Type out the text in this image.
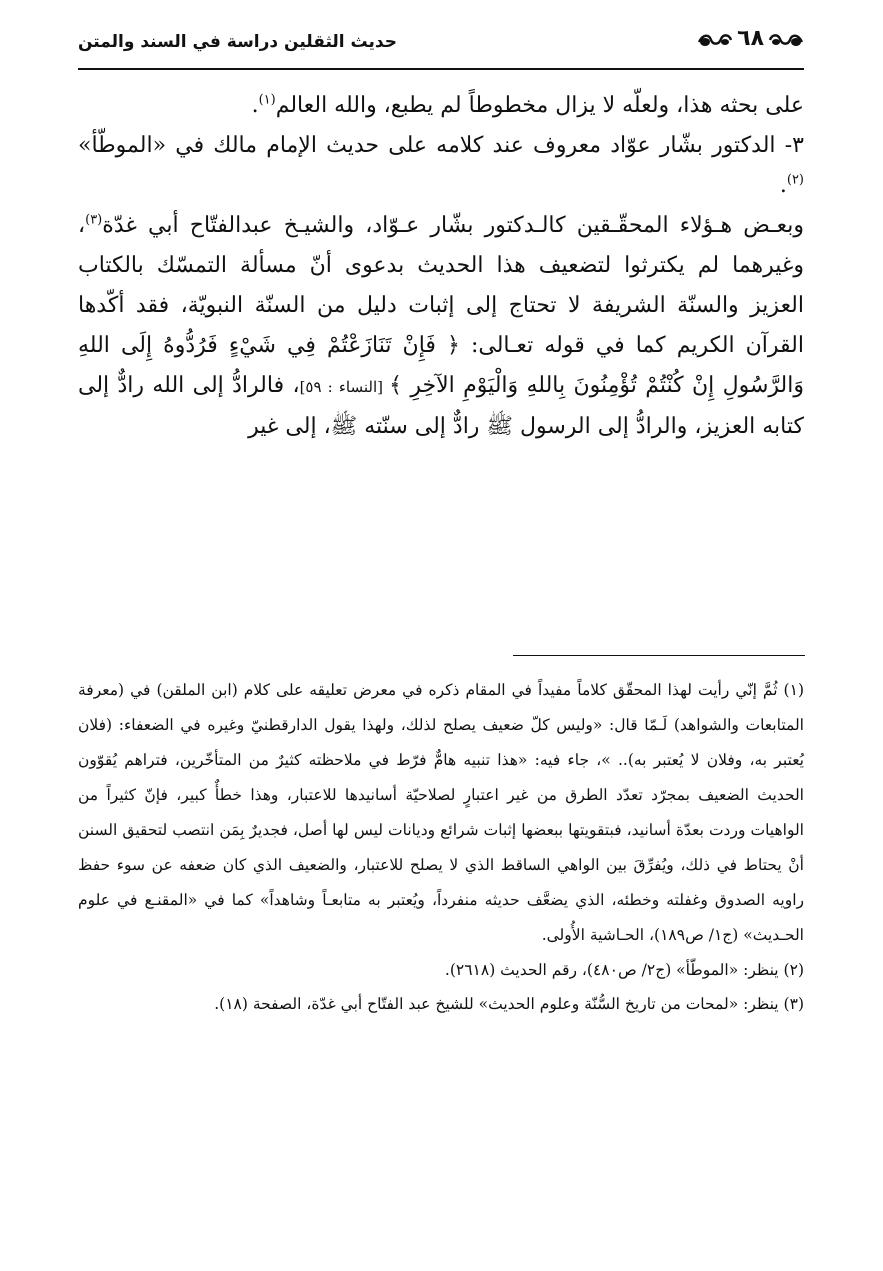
٦٨
حديث الثقلين دراسة في السند والمتن

على بحثه هذا، ولعلّه لا يزال مخطوطاً لم يطبع، والله العالم$^{(١)}$.

٣- الدكتور بشّار عوّاد معروف عند كلامه على حديث الإمام مالك في «الموطّأ» $^{(٢)}$.

وبعـض هـؤلاء المحقّـقين كالـدكتور بشّار عـوّاد، والشيـخ عبدالفتّاح أبي غدّة$^{(٣)}$، وغيرهما لم يكترثوا لتضعيف هذا الحديث بدعوى أنّ مسألة التمسّك بالكتاب العزيز والسنّة الشريفة لا تحتاج إلى إثبات دليل من السنّة النبويّة، فقد أكّدها القرآن الكريم كما في قوله تعـالى: ﴿ فَإِنْ تَنَازَعْتُمْ فِي شَيْءٍ فَرُدُّوهُ إِلَى اللهِ وَالرَّسُولِ إِنْ كُنْتُمْ تُؤْمِنُونَ بِاللهِ وَالْيَوْمِ الآخِرِ ﴾ [النساء : ٥٩]، فالرادُّ إلى الله رادٌّ إلى كتابه العزيز، والرادُّ إلى الرسول ﷺ رادٌّ إلى سنّته ﷺ، إلى غير

(١) ثُمَّ إنّي رأيت لهذا المحقّق كلاماً مفيداً في المقام ذكره في معرض تعليقه على كلام (ابن الملقن) في (معرفة المتابعات والشواهد) لَـمّا قال: «وليس كلّ ضعيف يصلح لذلك، ولهذا يقول الدارقطنيّ وغيره في الضعفاء: (فلان يُعتبر به، وفلان لا يُعتبر به).. »، جاء فيه: «هذا تنبيه هامٌّ فرّط في ملاحظته كثيرٌ من المتأخّرين، فتراهم يُقوّون الحديث الضعيف بمجرّد تعدّد الطرق من غير اعتبارٍ لصلاحيّة أسانيدها للاعتبار، وهذا خطأٌ كبير، فإنّ كثيراً من الواهيات وردت بعدّة أسانيد، فبتقويتها ببعضها إثبات شرائع وديانات ليس لها أصل، فجديرٌ بِمَن انتصب لتحقيق السنن أنْ يحتاط في ذلك، ويُفرِّقَ بين الواهي الساقط الذي لا يصلح للاعتبار، والضعيف الذي كان ضعفه عن سوء حفظ راويه الصدوق وغفلته وخطئه، الذي يضعَّف حديثه منفرداً، ويُعتبر به متابعـاً وشاهداً» كما في «المقنـع في علوم الحـديث» (ج١/ ص١٨٩)، الحـاشية الأُولى.

(٢) ينظر: «الموطّأ» (ج٢/ ص٤٨٠)، رقم الحديث (٢٦١٨).

(٣) ينظر: «لمحات من تاريخ السُّنّة وعلوم الحديث» للشيخ عبد الفتّاح أبي غدّة، الصفحة (١٨).
